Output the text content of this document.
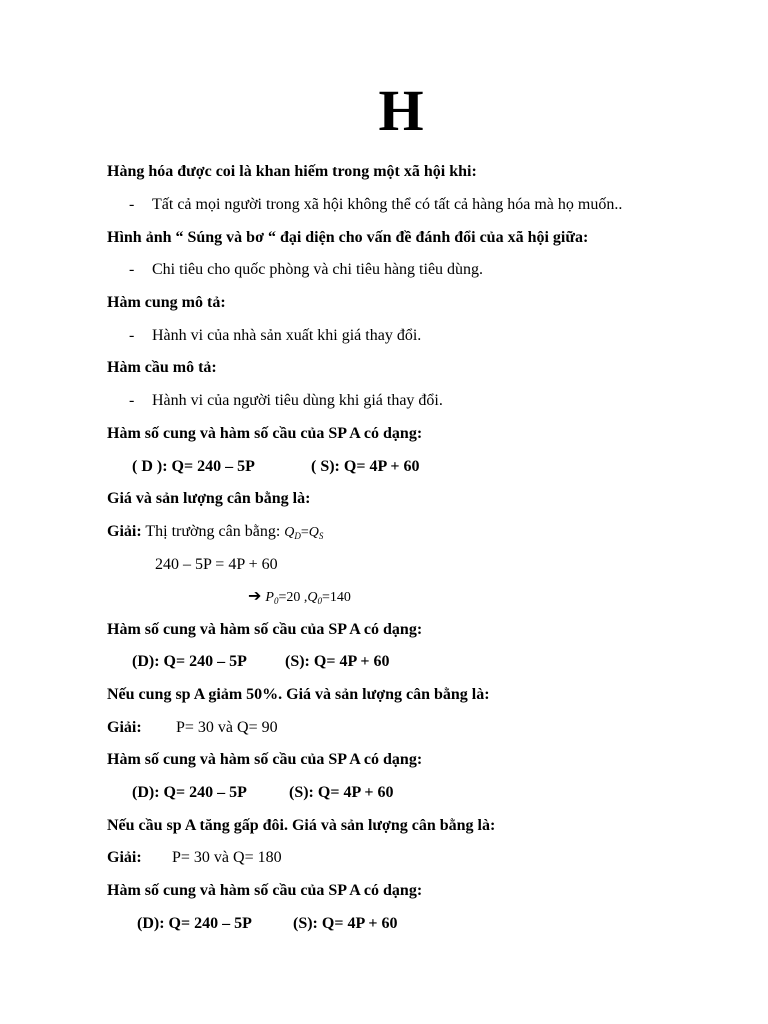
H
Hàng hóa được coi là khan hiếm trong một xã hội khi:
- Tất cả mọi người trong xã hội không thể có tất cả hàng hóa mà họ muốn..
Hình ảnh “ Súng và bơ “ đại diện cho vấn đề đánh đổi của xã hội giữa:
- Chi tiêu cho quốc phòng và chi tiêu hàng tiêu dùng.
Hàm cung mô tả:
- Hành vi của nhà sản xuất khi giá thay đổi.
Hàm cầu mô tả:
- Hành vi của người tiêu dùng khi giá thay đổi.
Hàm số cung và hàm số cầu của SP A có dạng:
( D ): Q= 240 – 5P	( S): Q= 4P + 60
Giá và sản lượng cân bằng là:
Giải: Thị trường cân bằng: $Q_D=Q_S$
240 – 5P = 4P + 60
➔ $P_0=20$ $,Q_0=140$
Hàm số cung và hàm số cầu của SP A có dạng:
(D): Q= 240 – 5P (S): Q= 4P + 60
Nếu cung sp A giảm 50%. Giá và sản lượng cân bằng là:
Giải: P= 30 và Q= 90
Hàm số cung và hàm số cầu của SP A có dạng:
(D): Q= 240 – 5P	(S): Q= 4P + 60
Nếu cầu sp A tăng gấp đôi. Giá và sản lượng cân bằng là:
Giải: P= 30 và Q= 180
Hàm số cung và hàm số cầu của SP A có dạng:
(D): Q= 240 – 5P	(S): Q= 4P + 60
